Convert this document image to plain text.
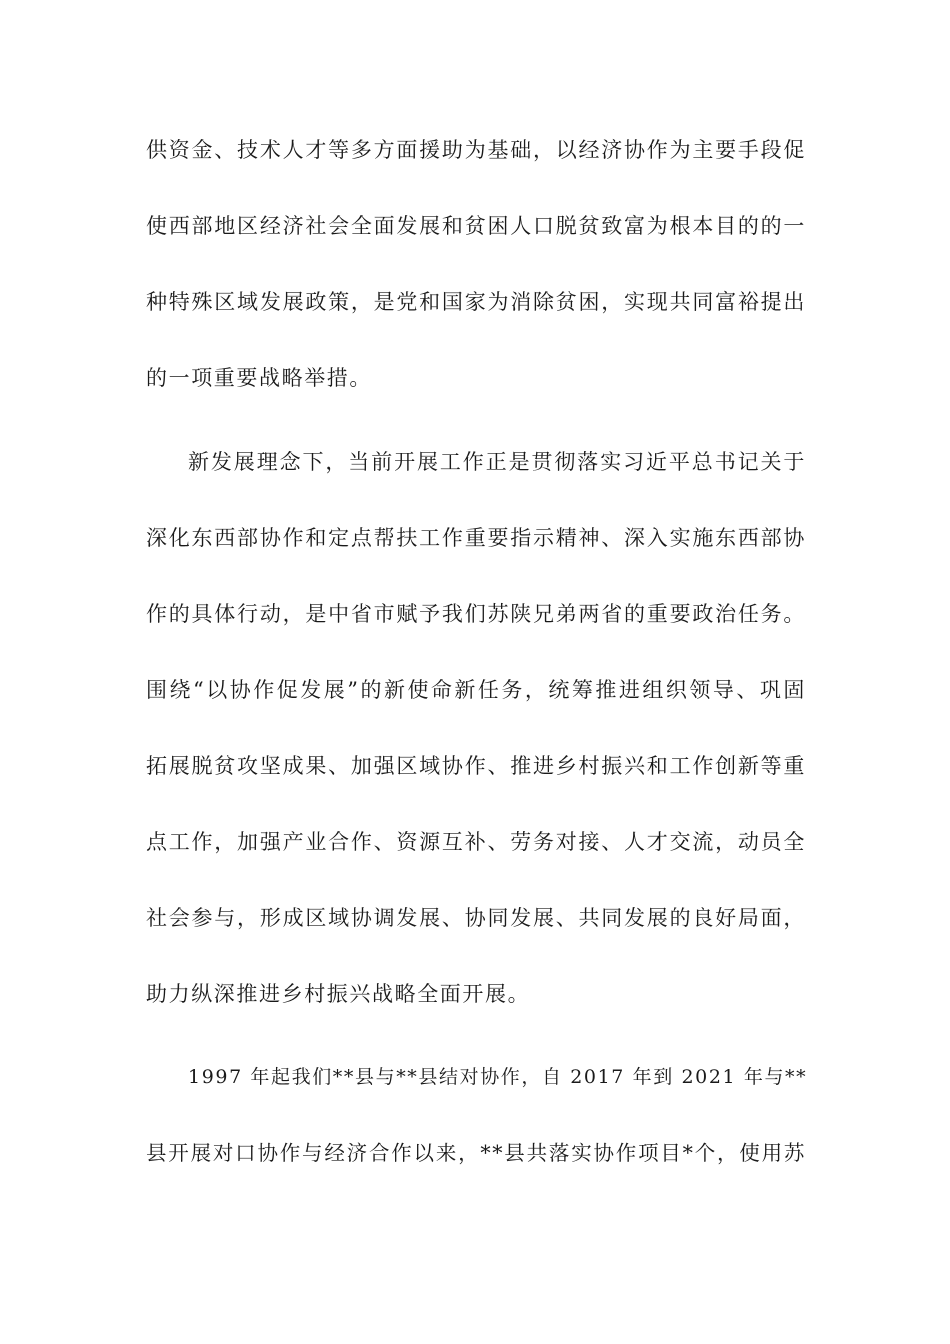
供资金、技术人才等多方面援助为基础，以经济协作为主要手段促
使西部地区经济社会全面发展和贫困人口脱贫致富为根本目的的一
种特殊区域发展政策，是党和国家为消除贫困，实现共同富裕提出
的一项重要战略举措。
新发展理念下，当前开展工作正是贯彻落实习近平总书记关于
深化东西部协作和定点帮扶工作重要指示精神、深入实施东西部协
作的具体行动，是中省市赋予我们苏陕兄弟两省的重要政治任务。
围绕“以协作促发展”的新使命新任务，统筹推进组织领导、巩固
拓展脱贫攻坚成果、加强区域协作、推进乡村振兴和工作创新等重
点工作，加强产业合作、资源互补、劳务对接、人才交流，动员全
社会参与，形成区域协调发展、协同发展、共同发展的良好局面，
助力纵深推进乡村振兴战略全面开展。
1997 年起我们**县与**县结对协作，自 2017 年到 2021 年与**
县开展对口协作与经济合作以来，**县共落实协作项目*个，使用苏
